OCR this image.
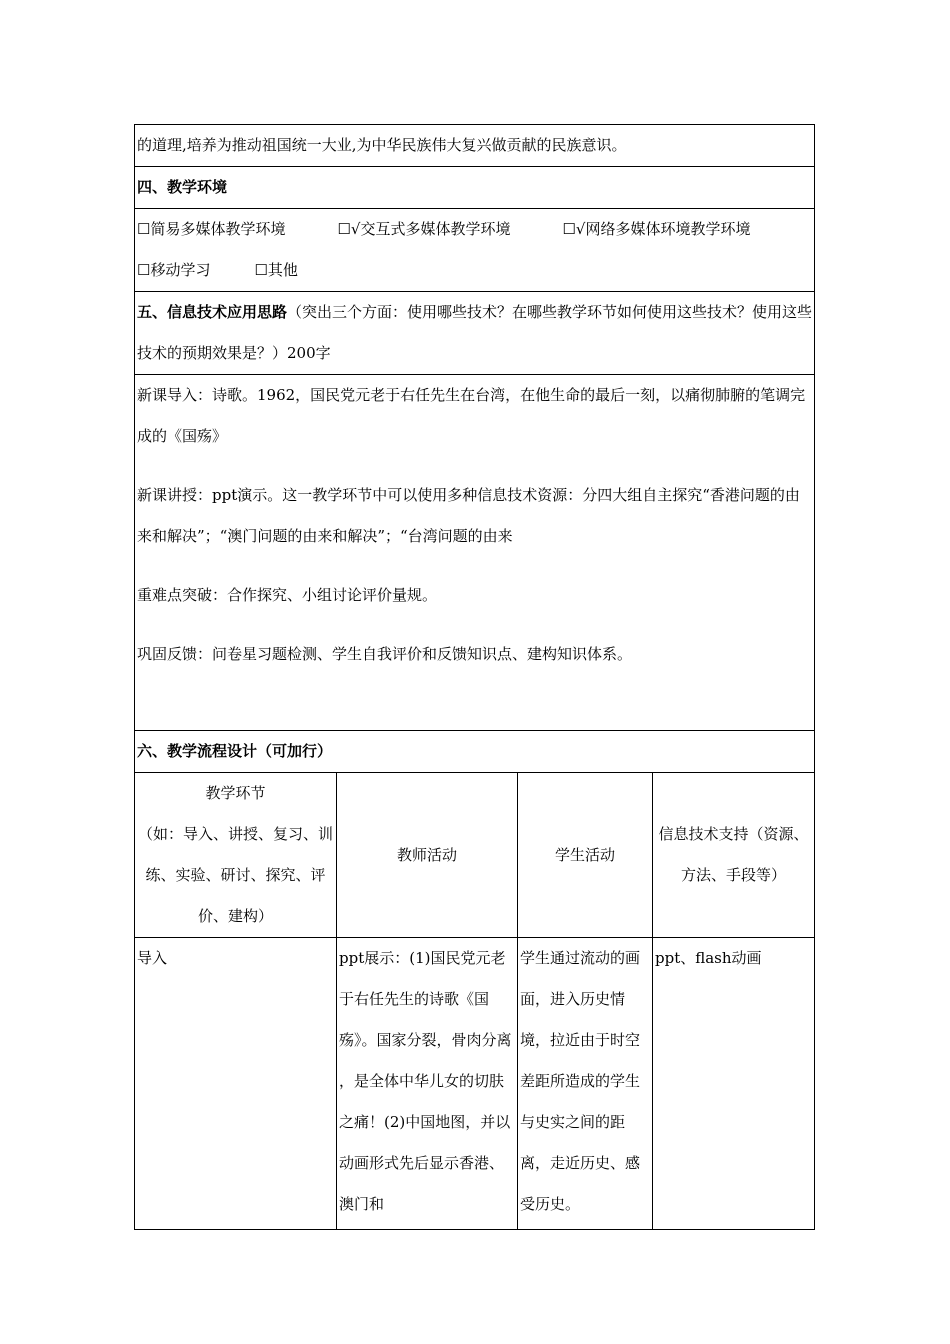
的道理,培养为推动祖国统一大业,为中华民族伟大复兴做贡献的民族意识。			
四、教学环境			
☐简易多媒体教学环境 ☐√交互式多媒体教学环境 ☐√网络多媒体环境教学环境☐移动学习 ☐其他			
五、信息技术应用思路（突出三个方面：使用哪些技术？在哪些教学环节如何使用这些技术？使用这些技术的预期效果是？）200字			

新课导入：诗歌。1962，国民党元老于右任先生在台湾，在他生命的最后一刻，以痛彻肺腑的笔调完成的《国殇》

新课讲授：ppt演示。这一教学环节中可以使用多种信息技术资源：分四大组自主探究“香港问题的由来和解决”；“澳门问题的由来和解决”；“台湾问题的由来

重难点突破：合作探究、小组讨论评价量规。

巩固反馈：问卷星习题检测、学生自我评价和反馈知识点、建构知识体系。			

六、教学流程设计（可加行）			

教学环节
（如：导入、讲授、复习、训练、实验、研讨、探究、评价、建构）	教师活动	学生活动	信息技术支持（资源、方法、手段等）
导入	ppt展示：(1)国民党元老于右任先生的诗歌《国殇》。国家分裂，骨肉分离 ，是全体中华儿女的切肤之痛！(2)中国地图，并以动画形式先后显示香港、澳门和	学生通过流动的画面，进入历史情境，拉近由于时空差距所造成的学生与史实之间的距离，走近历史、感受历史。	ppt、flash动画
